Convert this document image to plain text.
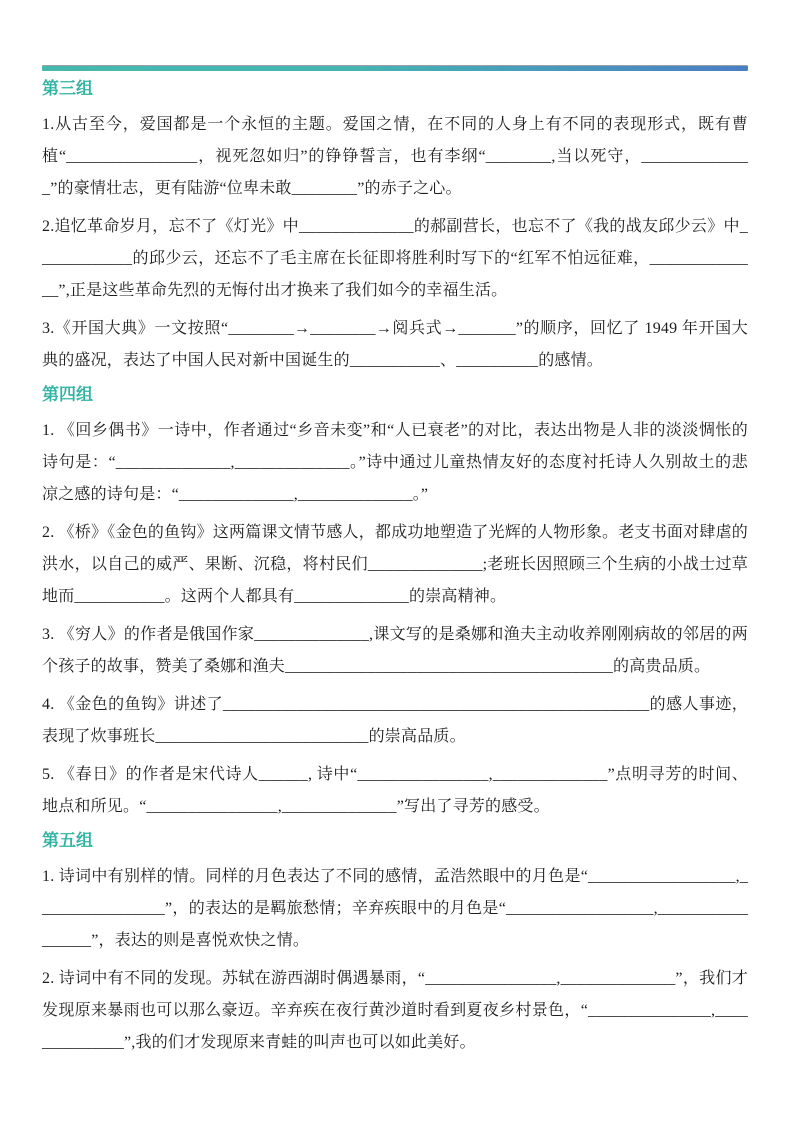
第三组

1.从古至今，爱国都是一个永恒的主题。爱国之情，在不同的人身上有不同的表现形式，既有曹植“________________，视死忽如归”的铮铮誓言，也有李纲“________,当以死守，______________”的豪情壮志，更有陆游“位卑未敢________”的赤子之心。

2.追忆革命岁月，忘不了《灯光》中______________的郝副营长，也忘不了《我的战友邱少云》中____________的邱少云，还忘不了毛主席在长征即将胜利时写下的“红军不怕远征难，______________”,正是这些革命先烈的无悔付出才换来了我们如今的幸福生活。

3.《开国大典》一文按照“________→________→阅兵式→_______”的顺序，回忆了 1949 年开国大典的盛况，表达了中国人民对新中国诞生的___________、__________的感情。

第四组

1. 《回乡偶书》一诗中，作者通过“乡音未变”和“人已衰老”的对比，表达出物是人非的淡淡惆怅的诗句是：“______________,______________。”诗中通过儿童热情友好的态度衬托诗人久别故土的悲凉之感的诗句是：“______________,______________。”

2. 《桥》《金色的鱼钩》这两篇课文情节感人，都成功地塑造了光辉的人物形象。老支书面对肆虐的洪水，以自己的威严、果断、沉稳，将村民们______________;老班长因照顾三个生病的小战士过草地而___________。这两个人都具有______________的崇高精神。

3. 《穷人》的作者是俄国作家______________,课文写的是桑娜和渔夫主动收养刚刚病故的邻居的两个孩子的故事，赞美了桑娜和渔夫________________________________________的高贵品质。

4. 《金色的鱼钩》讲述了____________________________________________________的感人事迹，表现了炊事班长__________________________的崇高品质。

5. 《春日》的作者是宋代诗人______, 诗中“________________,______________”点明寻芳的时间、地点和所见。“________________,______________”写出了寻芳的感受。

第五组

1. 诗词中有别样的情。同样的月色表达了不同的感情，孟浩然眼中的月色是“__________________,________________”，的表达的是羁旅愁情；辛弃疾眼中的月色是“__________________,_________________”，表达的则是喜悦欢快之情。

2. 诗词中有不同的发现。苏轼在游西湖时偶遇暴雨，“________________,______________”，我们才发现原来暴雨也可以那么豪迈。辛弃疾在夜行黄沙道时看到夏夜乡村景色，“_______________,______________”,我的们才发现原来青蛙的叫声也可以如此美好。
